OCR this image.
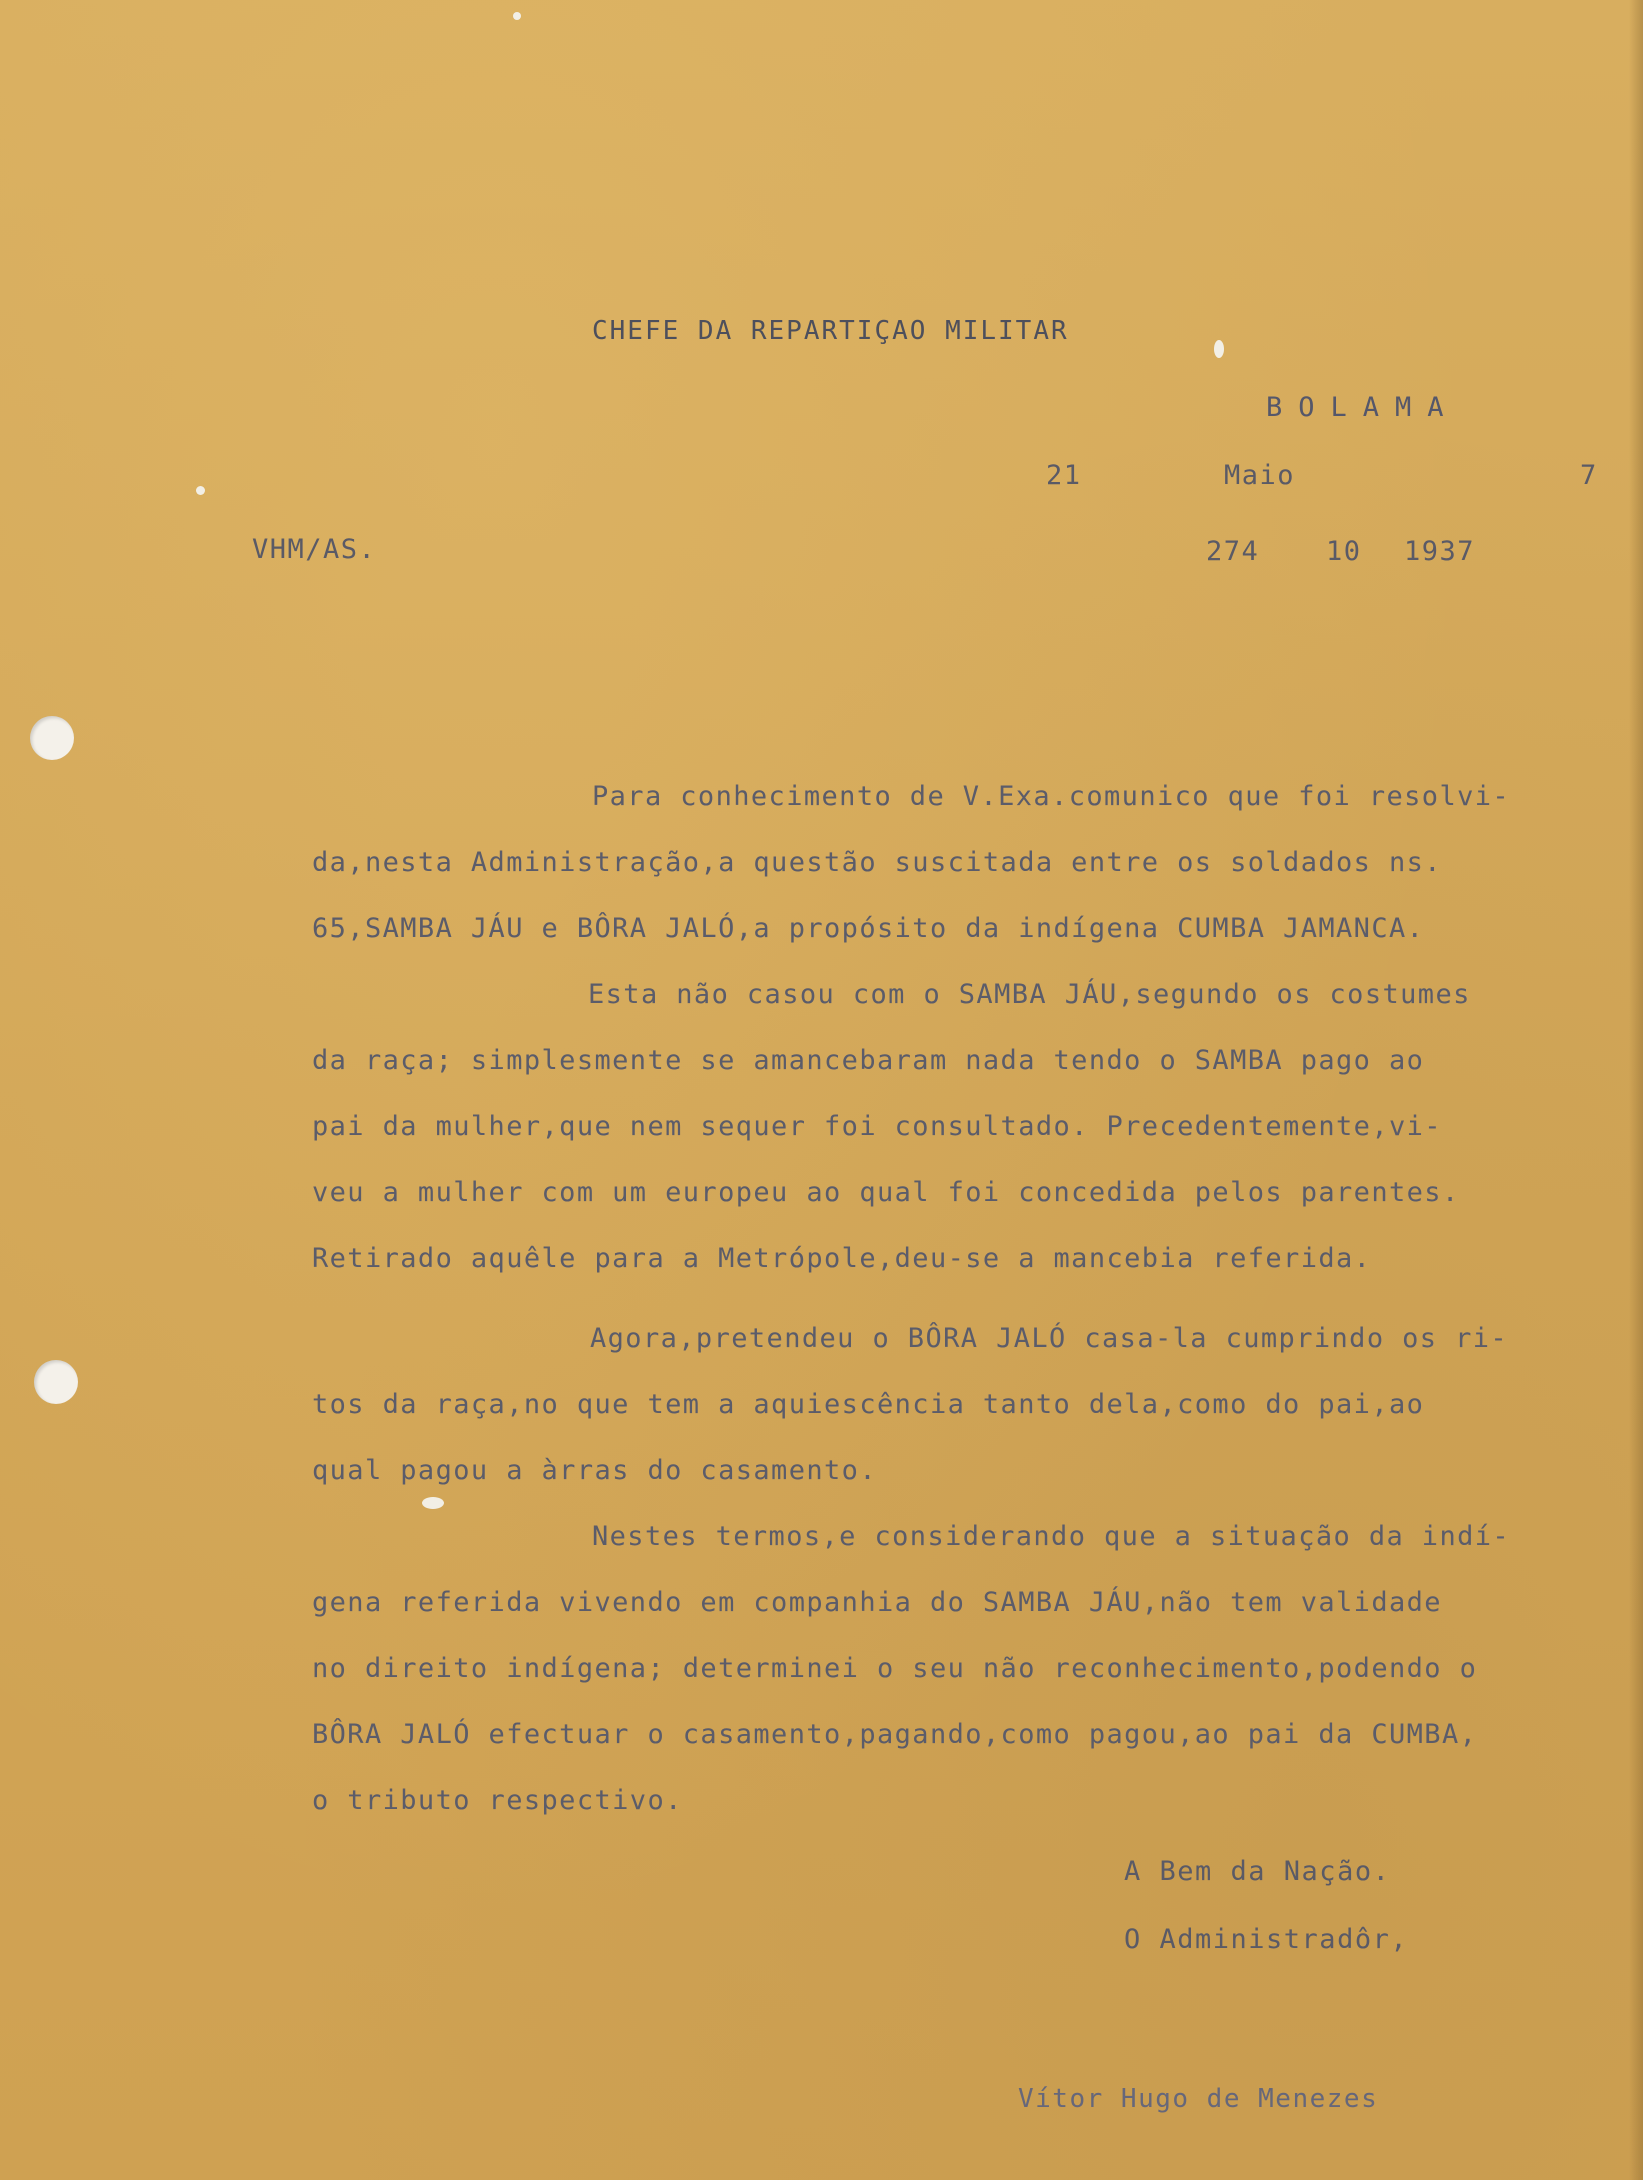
CHEFE DA REPARTIÇAO MILITAR
BOLAMA
21	Maio	7
VHM/AS.	274 10 1937
Para conhecimento de V.Exa.comunico que foi resolvi-
da,nesta Administração,a questão suscitada entre os soldados ns.
65,SAMBA JÁU e BÔRA JALÓ,a propósito da indígena CUMBA JAMANCA.
Esta não casou com o SAMBA JÁU,segundo os costumes
da raça; simplesmente se amancebaram nada tendo o SAMBA pago ao
pai da mulher,que nem sequer foi consultado. Precedentemente,vi-
veu a mulher com um europeu ao qual foi concedida pelos parentes.
Retirado aquêle para a Metrópole,deu-se a mancebia referida.
Agora,pretendeu o BÔRA JALÓ casa-la cumprindo os ri-
tos da raça,no que tem a aquiescência tanto dela,como do pai,ao
qual pagou a àrras do casamento.
Nestes termos,e considerando que a situação da indí-
gena referida vivendo em companhia do SAMBA JÁU,não tem validade
no direito indígena; determinei o seu não reconhecimento,podendo o
BÔRA JALÓ efectuar o casamento,pagando,como pagou,ao pai da CUMBA,
o tributo respectivo.
A Bem da Nação.
O Administradôr,
Vítor Hugo de Menezes
